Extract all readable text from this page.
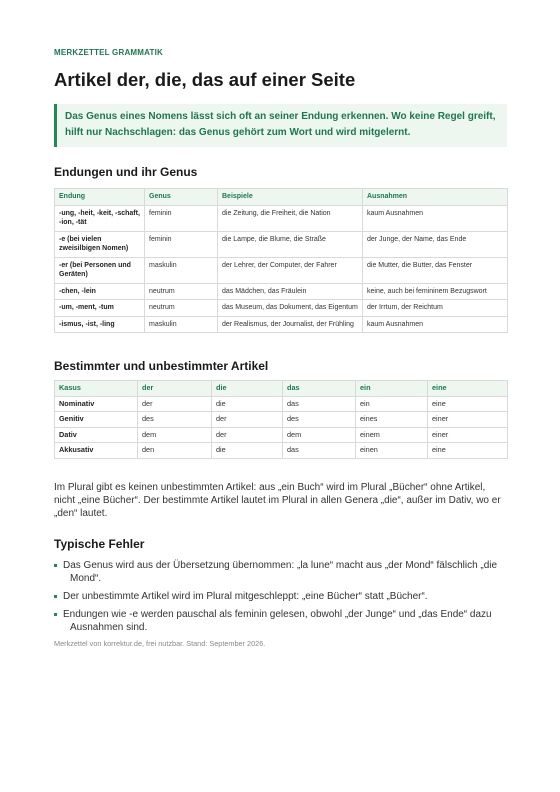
MERKZETTEL GRAMMATIK

Artikel der, die, das auf einer Seite
Das Genus eines Nomens lässt sich oft an seiner Endung erkennen. Wo keine Regel greift, hilft nur Nachschlagen: das Genus gehört zum Wort und wird mitgelernt.
Endungen und ihr Genus
Endung	Genus	Beispiele	Ausnahmen
-ung, -heit, -keit, -schaft, -ion, -tät	feminin	die Zeitung, die Freiheit, die Nation	kaum Ausnahmen
-e (bei vielen zweisilbigen Nomen)	feminin	die Lampe, die Blume, die Straße	der Junge, der Name, das Ende
-er (bei Personen und Geräten)	maskulin	der Lehrer, der Computer, der Fahrer	die Mutter, die Butter, das Fenster
-chen, -lein	neutrum	das Mädchen, das Fräulein	keine, auch bei femininem Bezugswort
-um, -ment, -tum	neutrum	das Museum, das Dokument, das Eigentum	der Irrtum, der Reichtum
-ismus, -ist, -ling	maskulin	der Realismus, der Journalist, der Frühling	kaum Ausnahmen
Bestimmter und unbestimmter Artikel
Kasus	der	die	das	ein	eine
Nominativ	der	die	das	ein	eine
Genitiv	des	der	des	eines	einer
Dativ	dem	der	dem	einem	einer
Akkusativ	den	die	das	einen	eine

Im Plural gibt es keinen unbestimmten Artikel: aus „ein Buch“ wird im Plural „Bücher“ ohne Artikel, nicht „eine Bücher“. Der bestimmte Artikel lautet im Plural in allen Genera „die“, außer im Dativ, wo er „den“ lautet.

Typische Fehler
Das Genus wird aus der Übersetzung übernommen: „la lune“ macht aus „der Mond“ fälschlich „die Mond“.
Der unbestimmte Artikel wird im Plural mitgeschleppt: „eine Bücher“ statt „Bücher“.
Endungen wie -e werden pauschal als feminin gelesen, obwohl „der Junge“ und „das Ende“ dazu Ausnahmen sind.

Merkzettel von korrektur.de, frei nutzbar. Stand: September 2026.
